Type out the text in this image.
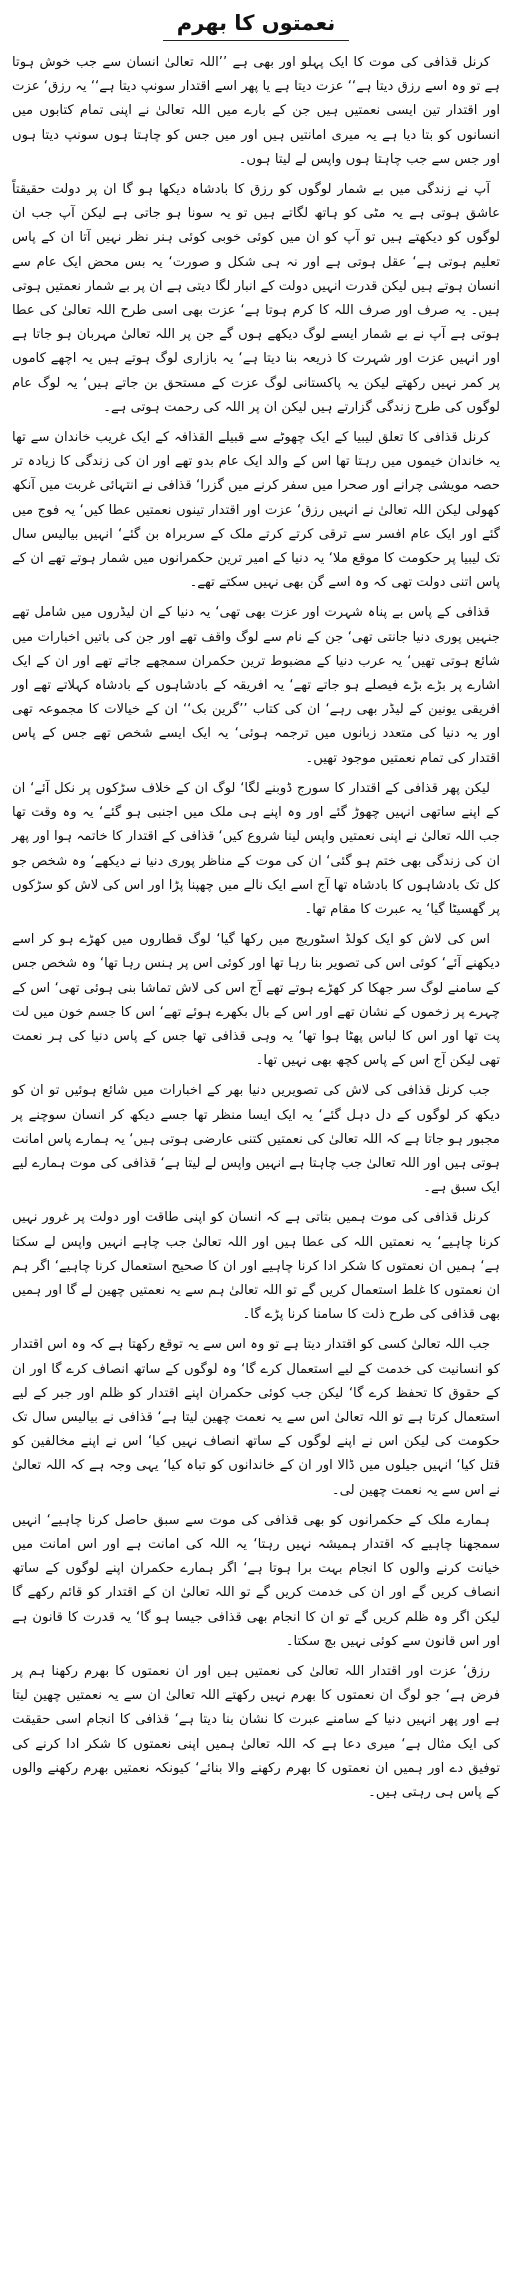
نعمتوں کا بھرم

کرنل قذافی کی موت کا ایک پہلو اور بھی ہے ’’اللہ تعالیٰ انسان سے جب خوش ہوتا ہے تو وہ اسے رزق دیتا ہے‘‘ عزت دیتا ہے یا پھر اسے اقتدار سونپ دیتا ہے‘‘ یہ رزق‘ عزت اور اقتدار تین ایسی نعمتیں ہیں جن کے بارے میں اللہ تعالیٰ نے اپنی تمام کتابوں میں انسانوں کو بتا دیا ہے یہ میری امانتیں ہیں اور میں جس کو چاہتا ہوں سونپ دیتا ہوں اور جس سے جب چاہتا ہوں واپس لے لیتا ہوں۔

آپ نے زندگی میں بے شمار لوگوں کو رزق کا بادشاہ دیکھا ہو گا ان پر دولت حقیقتاً عاشق ہوتی ہے یہ مٹی کو ہاتھ لگاتے ہیں تو یہ سونا ہو جاتی ہے لیکن آپ جب ان لوگوں کو دیکھتے ہیں تو آپ کو ان میں کوئی خوبی کوئی ہنر نظر نہیں آتا ان کے پاس تعلیم ہوتی ہے‘ عقل ہوتی ہے اور نہ ہی شکل و صورت‘ یہ بس محض ایک عام سے انسان ہوتے ہیں لیکن قدرت انہیں دولت کے انبار لگا دیتی ہے ان پر بے شمار نعمتیں ہوتی ہیں۔ یہ صرف اور صرف اللہ کا کرم ہوتا ہے‘ عزت بھی اسی طرح اللہ تعالیٰ کی عطا ہوتی ہے آپ نے بے شمار ایسے لوگ دیکھے ہوں گے جن پر اللہ تعالیٰ مہربان ہو جاتا ہے اور انہیں عزت اور شہرت کا ذریعہ بنا دیتا ہے‘ یہ بازاری لوگ ہوتے ہیں یہ اچھے کاموں پر کمر نہیں رکھتے لیکن یہ پاکستانی لوگ عزت کے مستحق بن جاتے ہیں‘ یہ لوگ عام لوگوں کی طرح زندگی گزارتے ہیں لیکن ان پر اللہ کی رحمت ہوتی ہے۔

کرنل قذافی کا تعلق لیبیا کے ایک چھوٹے سے قبیلے القذافہ کے ایک غریب خاندان سے تھا یہ خاندان خیموں میں رہتا تھا اس کے والد ایک عام بدو تھے اور ان کی زندگی کا زیادہ تر حصہ مویشی چرانے اور صحرا میں سفر کرنے میں گزرا‘ قذافی نے انتہائی غربت میں آنکھ کھولی لیکن اللہ تعالیٰ نے انہیں رزق‘ عزت اور اقتدار تینوں نعمتیں عطا کیں‘ یہ فوج میں گئے اور ایک عام افسر سے ترقی کرتے کرتے ملک کے سربراہ بن گئے‘ انہیں بیالیس سال تک لیبیا پر حکومت کا موقع ملا‘ یہ دنیا کے امیر ترین حکمرانوں میں شمار ہوتے تھے ان کے پاس اتنی دولت تھی کہ وہ اسے گن بھی نہیں سکتے تھے۔

قذافی کے پاس بے پناہ شہرت اور عزت بھی تھی‘ یہ دنیا کے ان لیڈروں میں شامل تھے جنہیں پوری دنیا جانتی تھی‘ جن کے نام سے لوگ واقف تھے اور جن کی باتیں اخبارات میں شائع ہوتی تھیں‘ یہ عرب دنیا کے مضبوط ترین حکمران سمجھے جاتے تھے اور ان کے ایک اشارے پر بڑے بڑے فیصلے ہو جاتے تھے‘ یہ افریقہ کے بادشاہوں کے بادشاہ کہلاتے تھے اور افریقی یونین کے لیڈر بھی رہے‘ ان کی کتاب ’’گرین بک‘‘ ان کے خیالات کا مجموعہ تھی اور یہ دنیا کی متعدد زبانوں میں ترجمہ ہوئی‘ یہ ایک ایسے شخص تھے جس کے پاس اقتدار کی تمام نعمتیں موجود تھیں۔

لیکن پھر قذافی کے اقتدار کا سورج ڈوبنے لگا‘ لوگ ان کے خلاف سڑکوں پر نکل آئے‘ ان کے اپنے ساتھی انہیں چھوڑ گئے اور وہ اپنے ہی ملک میں اجنبی ہو گئے‘ یہ وہ وقت تھا جب اللہ تعالیٰ نے اپنی نعمتیں واپس لینا شروع کیں‘ قذافی کے اقتدار کا خاتمہ ہوا اور پھر ان کی زندگی بھی ختم ہو گئی‘ ان کی موت کے مناظر پوری دنیا نے دیکھے‘ وہ شخص جو کل تک بادشاہوں کا بادشاہ تھا آج اسے ایک نالے میں چھپنا پڑا اور اس کی لاش کو سڑکوں پر گھسیٹا گیا‘ یہ عبرت کا مقام تھا۔

اس کی لاش کو ایک کولڈ اسٹوریج میں رکھا گیا‘ لوگ قطاروں میں کھڑے ہو کر اسے دیکھنے آئے‘ کوئی اس کی تصویر بنا رہا تھا اور کوئی اس پر ہنس رہا تھا‘ وہ شخص جس کے سامنے لوگ سر جھکا کر کھڑے ہوتے تھے آج اس کی لاش تماشا بنی ہوئی تھی‘ اس کے چہرے پر زخموں کے نشان تھے اور اس کے بال بکھرے ہوئے تھے‘ اس کا جسم خون میں لت پت تھا اور اس کا لباس پھٹا ہوا تھا‘ یہ وہی قذافی تھا جس کے پاس دنیا کی ہر نعمت تھی لیکن آج اس کے پاس کچھ بھی نہیں تھا۔

جب کرنل قذافی کی لاش کی تصویریں دنیا بھر کے اخبارات میں شائع ہوئیں تو ان کو دیکھ کر لوگوں کے دل دہل گئے‘ یہ ایک ایسا منظر تھا جسے دیکھ کر انسان سوچنے پر مجبور ہو جاتا ہے کہ اللہ تعالیٰ کی نعمتیں کتنی عارضی ہوتی ہیں‘ یہ ہمارے پاس امانت ہوتی ہیں اور اللہ تعالیٰ جب چاہتا ہے انہیں واپس لے لیتا ہے‘ قذافی کی موت ہمارے لیے ایک سبق ہے۔

کرنل قذافی کی موت ہمیں بتاتی ہے کہ انسان کو اپنی طاقت اور دولت پر غرور نہیں کرنا چاہیے‘ یہ نعمتیں اللہ کی عطا ہیں اور اللہ تعالیٰ جب چاہے انہیں واپس لے سکتا ہے‘ ہمیں ان نعمتوں کا شکر ادا کرنا چاہیے اور ان کا صحیح استعمال کرنا چاہیے‘ اگر ہم ان نعمتوں کا غلط استعمال کریں گے تو اللہ تعالیٰ ہم سے یہ نعمتیں چھین لے گا اور ہمیں بھی قذافی کی طرح ذلت کا سامنا کرنا پڑے گا۔

جب اللہ تعالیٰ کسی کو اقتدار دیتا ہے تو وہ اس سے یہ توقع رکھتا ہے کہ وہ اس اقتدار کو انسانیت کی خدمت کے لیے استعمال کرے گا‘ وہ لوگوں کے ساتھ انصاف کرے گا اور ان کے حقوق کا تحفظ کرے گا‘ لیکن جب کوئی حکمران اپنے اقتدار کو ظلم اور جبر کے لیے استعمال کرتا ہے تو اللہ تعالیٰ اس سے یہ نعمت چھین لیتا ہے‘ قذافی نے بیالیس سال تک حکومت کی لیکن اس نے اپنے لوگوں کے ساتھ انصاف نہیں کیا‘ اس نے اپنے مخالفین کو قتل کیا‘ انہیں جیلوں میں ڈالا اور ان کے خاندانوں کو تباہ کیا‘ یہی وجہ ہے کہ اللہ تعالیٰ نے اس سے یہ نعمت چھین لی۔

ہمارے ملک کے حکمرانوں کو بھی قذافی کی موت سے سبق حاصل کرنا چاہیے‘ انہیں سمجھنا چاہیے کہ اقتدار ہمیشہ نہیں رہتا‘ یہ اللہ کی امانت ہے اور اس امانت میں خیانت کرنے والوں کا انجام بہت برا ہوتا ہے‘ اگر ہمارے حکمران اپنے لوگوں کے ساتھ انصاف کریں گے اور ان کی خدمت کریں گے تو اللہ تعالیٰ ان کے اقتدار کو قائم رکھے گا لیکن اگر وہ ظلم کریں گے تو ان کا انجام بھی قذافی جیسا ہو گا‘ یہ قدرت کا قانون ہے اور اس قانون سے کوئی نہیں بچ سکتا۔

رزق‘ عزت اور اقتدار اللہ تعالیٰ کی نعمتیں ہیں اور ان نعمتوں کا بھرم رکھنا ہم پر فرض ہے‘ جو لوگ ان نعمتوں کا بھرم نہیں رکھتے اللہ تعالیٰ ان سے یہ نعمتیں چھین لیتا ہے اور پھر انہیں دنیا کے سامنے عبرت کا نشان بنا دیتا ہے‘ قذافی کا انجام اسی حقیقت کی ایک مثال ہے‘ میری دعا ہے کہ اللہ تعالیٰ ہمیں اپنی نعمتوں کا شکر ادا کرنے کی توفیق دے اور ہمیں ان نعمتوں کا بھرم رکھنے والا بنائے‘ کیونکہ نعمتیں بھرم رکھنے والوں کے پاس ہی رہتی ہیں۔
